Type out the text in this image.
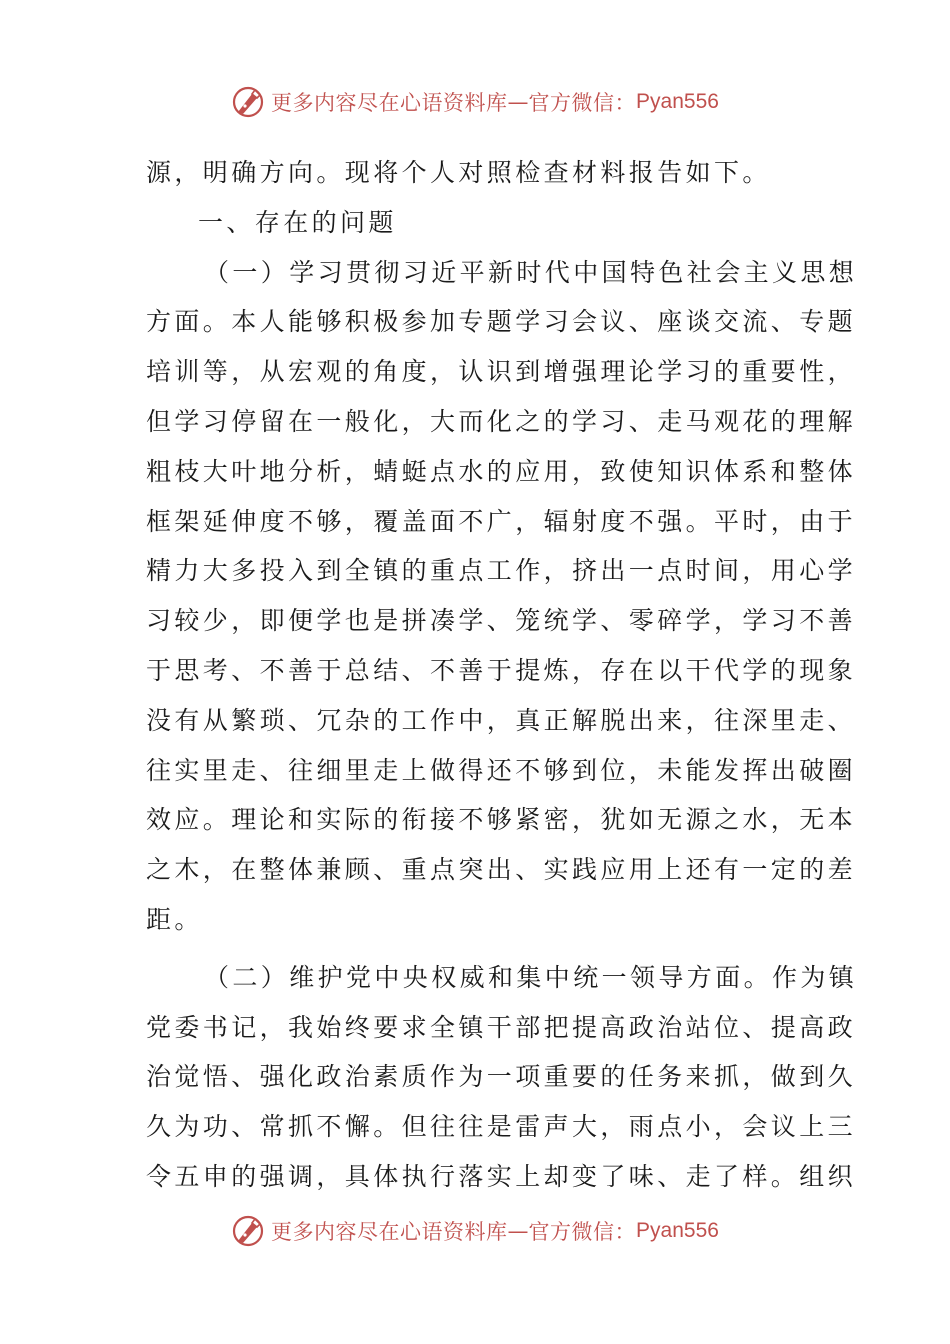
更多内容尽在心语资料库 — 官方微信： Pyan556
源，明确方向。现将个人对照检查材料报告如下。
一、存在的问题
（一）学习贯彻习近平新时代中国特色社会主义思想
方面。本人能够积极参加专题学习会议、座谈交流、专题
培训等，从宏观的角度，认识到增强理论学习的重要性，
但学习停留在一般化，大而化之的学习、走马观花的理解
粗枝大叶地分析，蜻蜓点水的应用，致使知识体系和整体
框架延伸度不够，覆盖面不广，辐射度不强。平时，由于
精力大多投入到全镇的重点工作，挤出一点时间，用心学
习较少，即便学也是拼凑学、笼统学、零碎学，学习不善
于思考、不善于总结、不善于提炼，存在以干代学的现象
没有从繁琐、冗杂的工作中，真正解脱出来，往深里走、
往实里走、往细里走上做得还不够到位，未能发挥出破圈
效应。理论和实际的衔接不够紧密，犹如无源之水，无本
之木，在整体兼顾、重点突出、实践应用上还有一定的差
距。
（二）维护党中央权威和集中统一领导方面。作为镇
党委书记，我始终要求全镇干部把提高政治站位、提高政
治觉悟、强化政治素质作为一项重要的任务来抓，做到久
久为功、常抓不懈。但往往是雷声大，雨点小，会议上三
令五申的强调，具体执行落实上却变了味、走了样。组织
更多内容尽在心语资料库 — 官方微信： Pyan556
